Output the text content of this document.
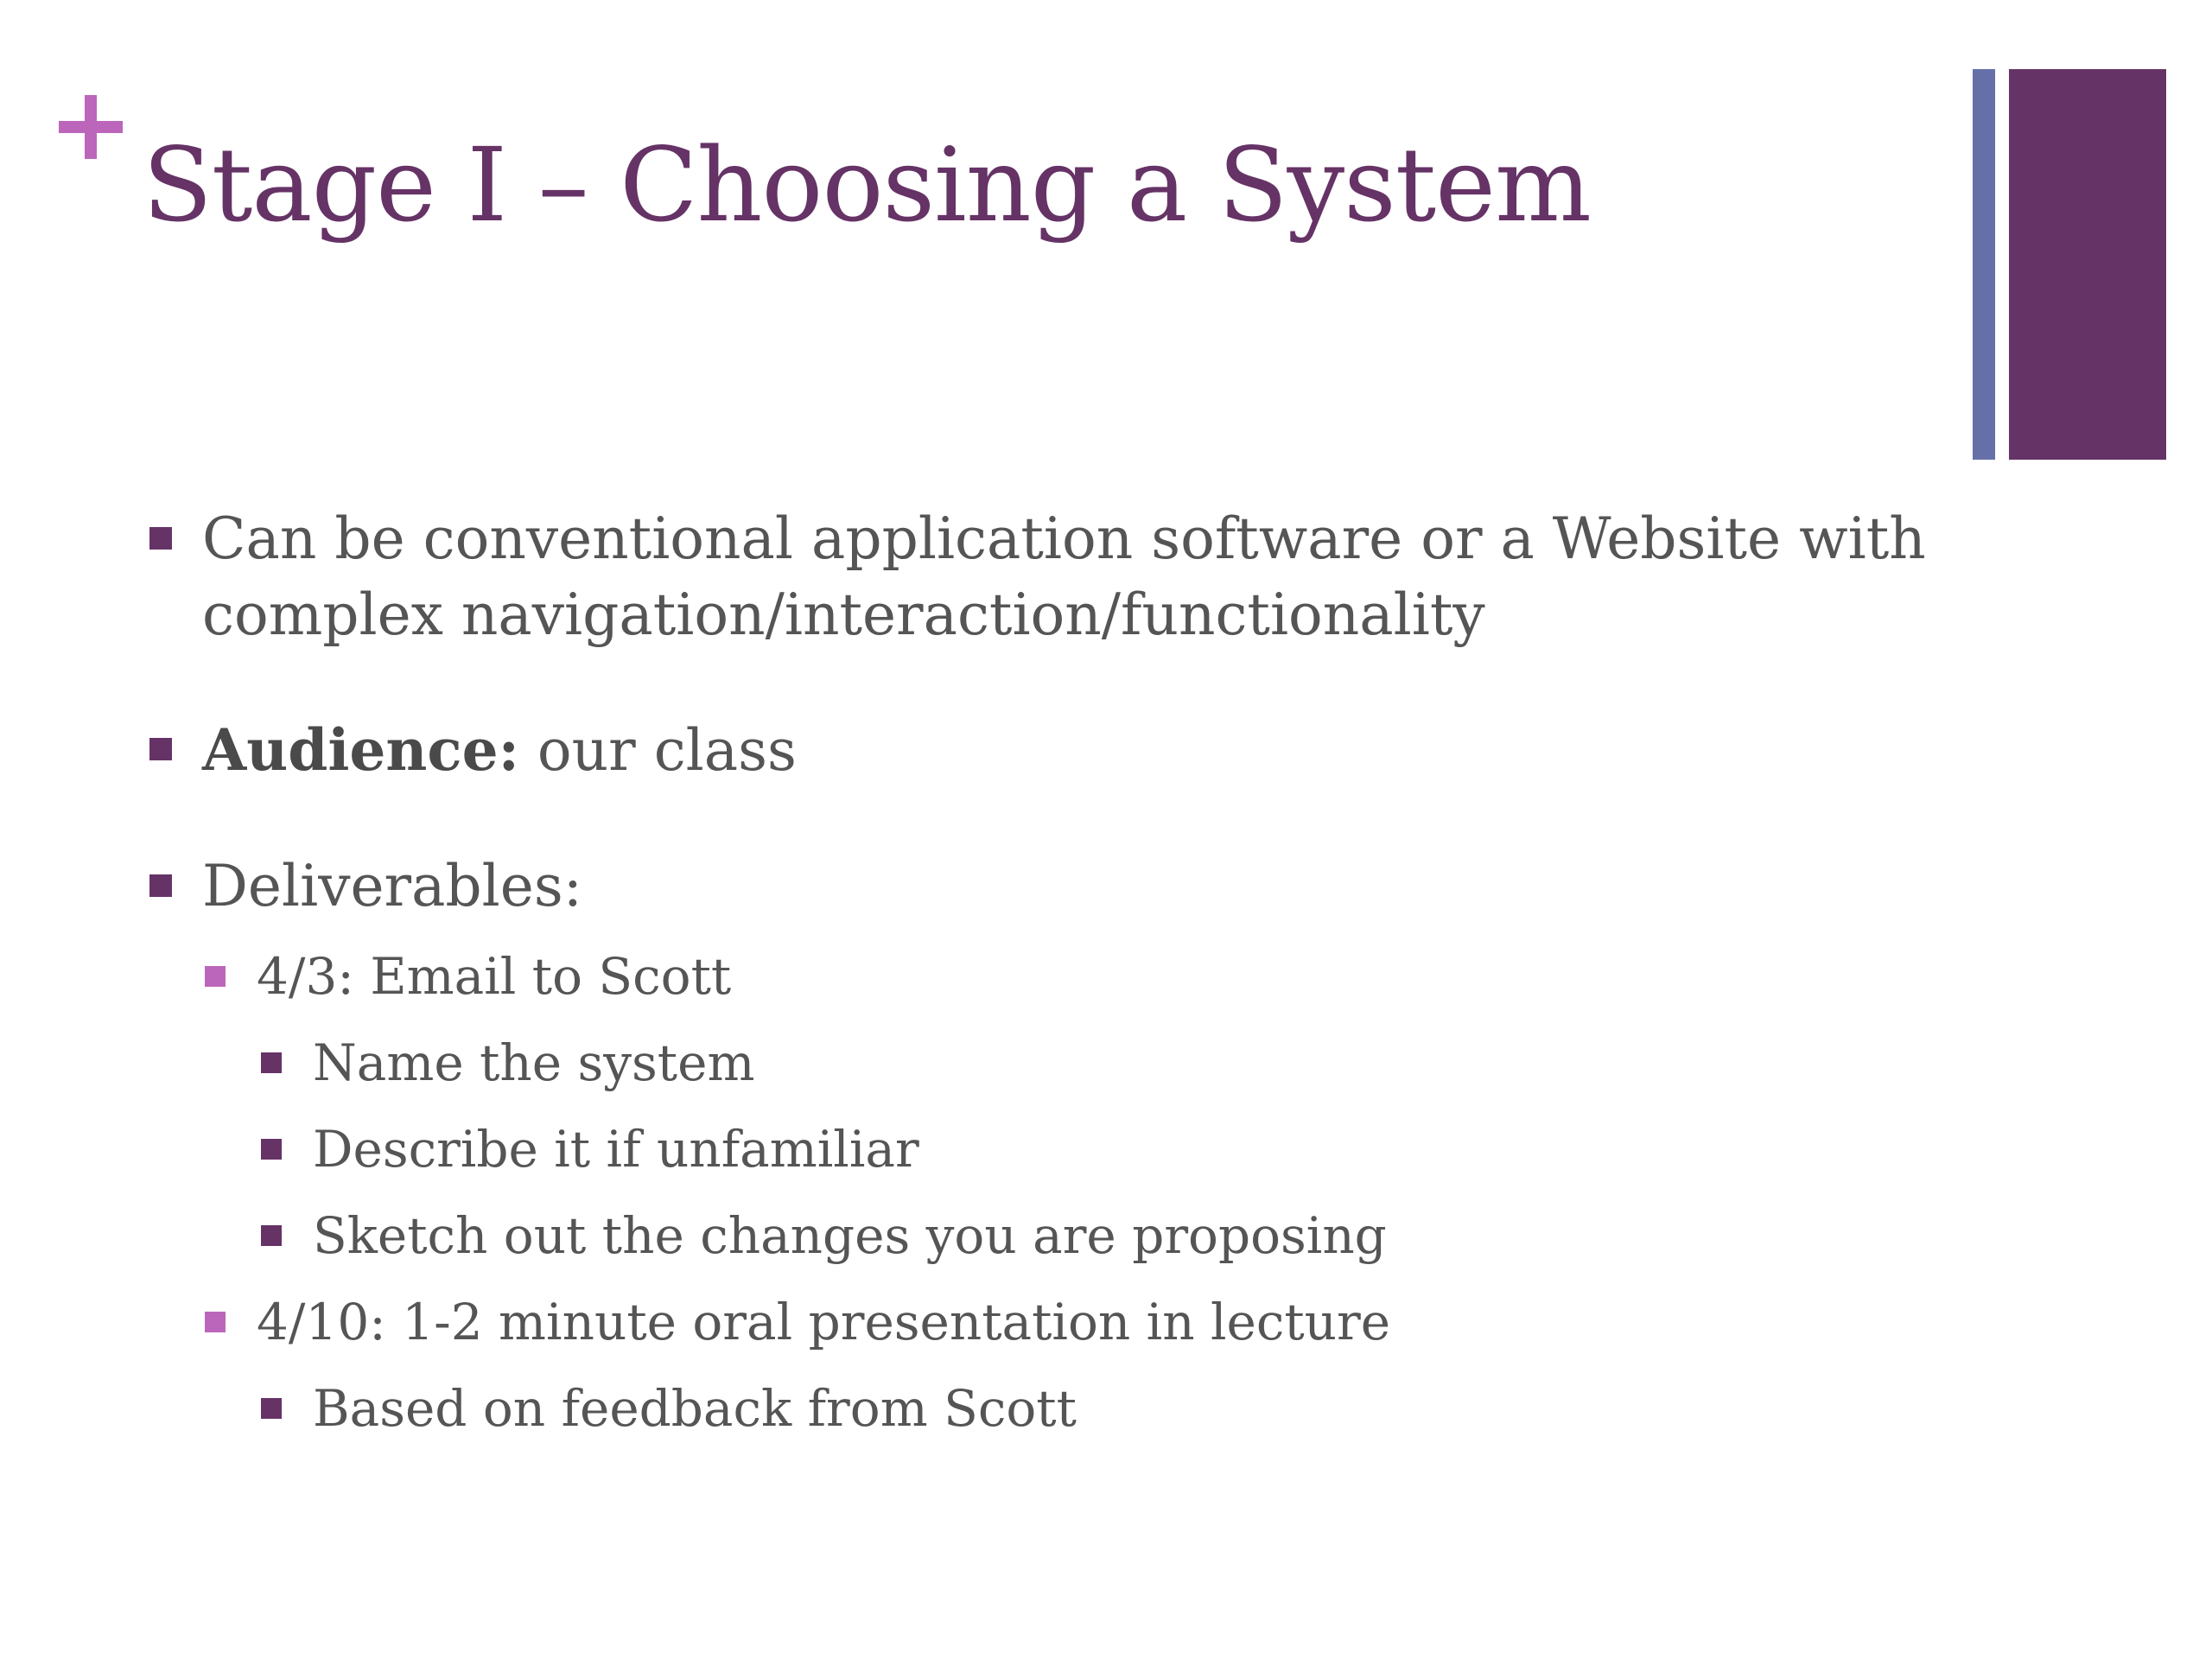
Stage I – Choosing a System
Can be conventional application software or a Website with
complex navigation/interaction/functionality
Audience: our class
Deliverables:
4/3: Email to Scott
Name the system
Describe it if unfamiliar
Sketch out the changes you are proposing
4/10: 1-2 minute oral presentation in lecture
Based on feedback from Scott
